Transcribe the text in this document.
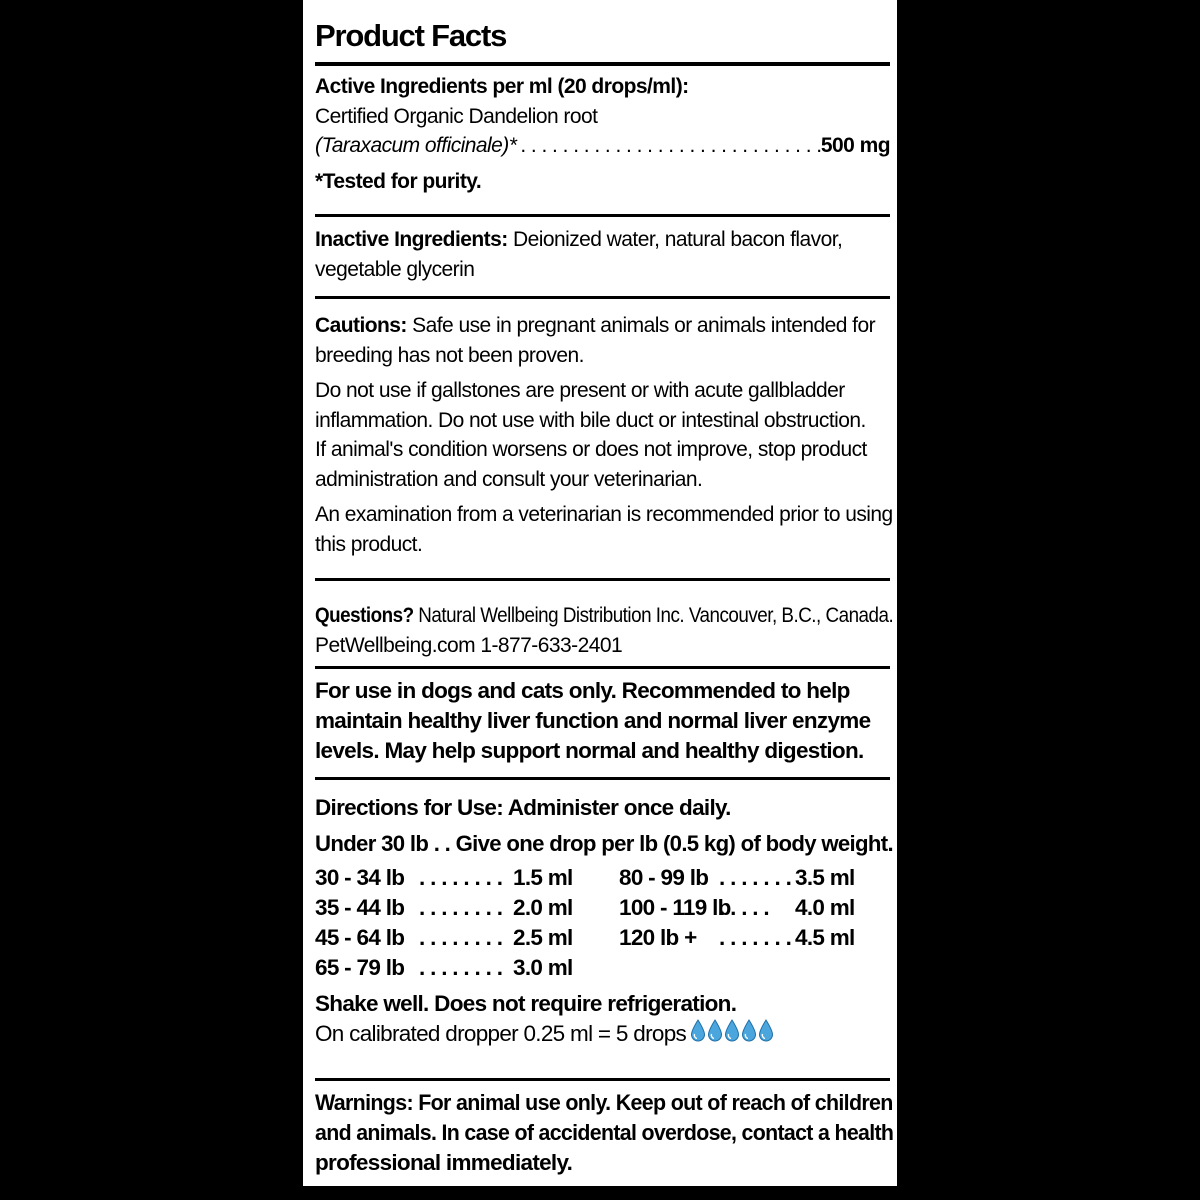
Product Facts
Active Ingredients per ml (20 drops/ml):
Certified Organic Dandelion root
(Taraxacum officinale)*
. . .	500 mg
*Tested for purity.
Inactive Ingredients: Deionized water, natural bacon flavor,
vegetable glycerin
Cautions: Safe use in pregnant animals or animals intended for
breeding has not been proven.
Do not use if gallstones are present or with acute gallbladder
inflammation. Do not use with bile duct or intestinal obstruction.
If animal's condition worsens or does not improve, stop product
administration and consult your veterinarian.
An examination from a veterinarian is recommended prior to using
this product.
Questions? Natural Wellbeing Distribution Inc. Vancouver, B.C., Canada.
PetWellbeing.com 1-877-633-2401
For use in dogs and cats only. Recommended to help
maintain healthy liver function and normal liver enzyme
levels. May help support normal and healthy digestion.
Directions for Use: Administer once daily.
Under 30 lb . . Give one drop per lb (0.5 kg) of body weight.
30 - 34 lb . . . . . . . . 1.5 ml
35 - 44 lb . . . . . . . . 2.0 ml
45 - 64 lb . . . . . . . . 2.5 ml
65 - 79 lb . . . . . . . . 3.0 ml
80 - 99 lb . . . . . . . 3.5 ml
100 - 119 lb
. . . . . 4.0 ml
120 lb + . . . . . . . 4.5 ml
Shake well. Does not require refrigeration.
On calibrated dropper 0.25 ml = 5 drops
Warnings: For animal use only. Keep out of reach of children
and animals. In case of accidental overdose, contact a health
professional immediately.
